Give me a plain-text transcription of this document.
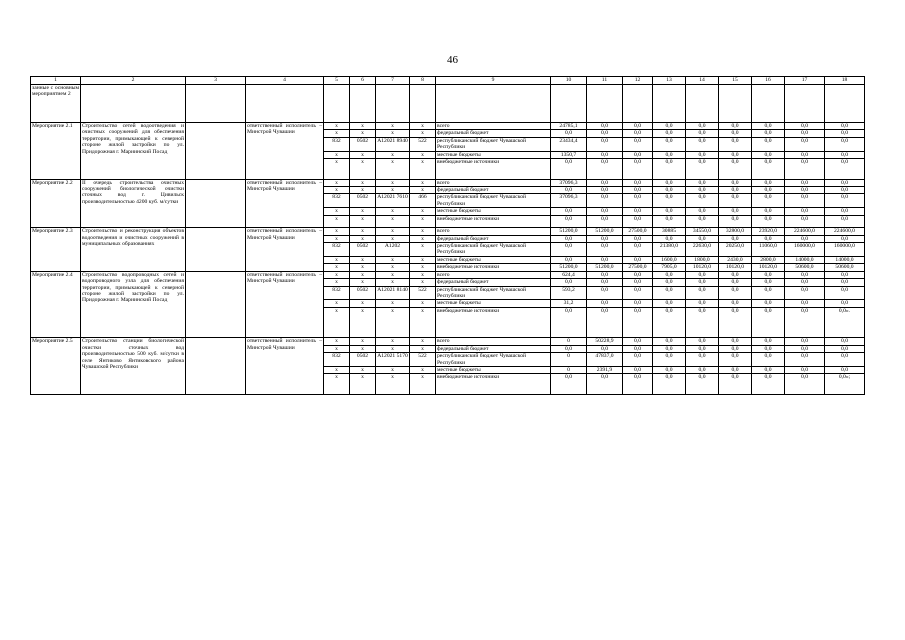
46
1	2	3	4	5	6	7	8	9	10	11	12	13	14	15	16	17	18
занные с основным мероприятием 2																	
Мероприятие 2.1	Строительство сетей водоотведения и очистных сооружений для обеспечения территории, примыкающей к северной стороне жилой застройки по ул. Придорожная г. Мариинский Посад		ответственный исполнитель – Минстрой Чувашии	x	x	x	x	всего	24785,1	0,0	0,0	0,0	0,0	0,0	0,0	0,0	0,0
				x	x	x	x	федеральный бюджет	0,0	0,0	0,0	0,0	0,0	0,0	0,0	0,0	0,0
				832	0502	А12021 8940	522	республиканский бюджет Чувашской Республики	23434,4	0,0	0,0	0,0	0,0	0,0	0,0	0,0	0,0
				x	x	x	x	местные бюджеты	1350,7	0,0	0,0	0,0	0,0	0,0	0,0	0,0	0,0
				x	x	x	x	внебюджетные источники	0,0	0,0	0,0	0,0	0,0	0,0	0,0	0,0	0,0
Мероприятие 2.2	II очередь строительства очистных сооружений биологической очистки сточных вод г. Цивильск производительностью 4200 куб. м/сутки		ответственный исполнитель – Минстрой Чувашии	x	x	x	x	всего	37096,3	0,0	0,0	0,0	0,0	0,0	0,0	0,0	0,0
				x	x	x	x	федеральный бюджет	0,0	0,0	0,0	0,0	0,0	0,0	0,0	0,0	0,0
				832	0502	А12021 7610	466	республиканский бюджет Чувашской Республики	37096,3	0,0	0,0	0,0	0,0	0,0	0,0	0,0	0,0
				x	x	x	x	местные бюджеты	0,0	0,0	0,0	0,0	0,0	0,0	0,0	0,0	0,0
				x	x	x	x	внебюджетные источники	0,0	0,0	0,0	0,0	0,0	0,0	0,0	0,0	0,0
Мероприятие 2.3	Строительство и реконструкция объектов водоотведения и очистных сооружений в муниципальных образованиях		ответственный исполнитель – Минстрой Чувашии	x	x	x	x	всего	51200,0	51200,0	27500,0	30885	34550,0	32800,0	23920,0	224600,0	224600,0
				x	x	x	x	федеральный бюджет	0,0	0,0	0,0	0,0	0,0	0,0	0,0	0,0	0,0
				832	0502	А1202	x	республиканский бюджет Чувашской Республики	0,0	0,0	0,0	21380,0	22630,0	20250,0	11060,0	160000,0	160000,0
				x	x	x	x	местные бюджеты	0,0	0,0	0,0	1600,0	1800,0	2430,0	2800,0	14000,0	14000,0
				x	x	x	x	внебюджетные источники	51200,0	51200,0	27500,0	7905,0	10120,0	10120,0	10120,0	50600,0	50600,0
Мероприятие 2.4	Строительство водопроводных сетей и водопроводного узла для обеспечения территории, примыкающей к северной стороне жилой застройки по ул. Придорожная г. Мариинский Посад		ответственный исполнитель – Минстрой Чувашии	x	x	x	x	всего	624,4	0,0	0,0	0,0	0,0	0,0	0,0	0,0	0,0
				x	x	x	x	федеральный бюджет	0,0	0,0	0,0	0,0	0,0	0,0	0,0	0,0	0,0
				832	0502	А12021 8140	522	республиканский бюджет Чувашской Республики	593,2	0,0	0,0	0,0	0,0	0,0	0,0	0,0	0,0
				x	x	x	x	местные бюджеты	31,2	0,0	0,0	0,0	0,0	0,0	0,0	0,0	0,0
				x	x	x	x	внебюджетные источники	0,0	0,0	0,0	0,0	0,0	0,0	0,0	0,0	0,0».
Мероприятие 2.5	Строительство станции биологической очистки сточных вод производительностью 500 куб. м/сутки в селе Янтиково Янтиковского района Чувашской Республики		ответственный исполнитель – Минстрой Чувашии	x	x	x	x	всего	0	50228,9	0,0	0,0	0,0	0,0	0,0	0,0	0,0
				x	x	x	x	федеральный бюджет	0,0	0,0	0,0	0,0	0,0	0,0	0,0	0,0	0,0
				832	0502	А12021 5170	522	республиканский бюджет Чувашской Республики	0	47837,0	0,0	0,0	0,0	0,0	0,0	0,0	0,0
				x	x	x	x	местные бюджеты	0	2391,9	0,0	0,0	0,0	0,0	0,0	0,0	0,0
				x	x	x	x	внебюджетные источники	0,0	0,0	0,0	0,0	0,0	0,0	0,0	0,0	0,0»;
